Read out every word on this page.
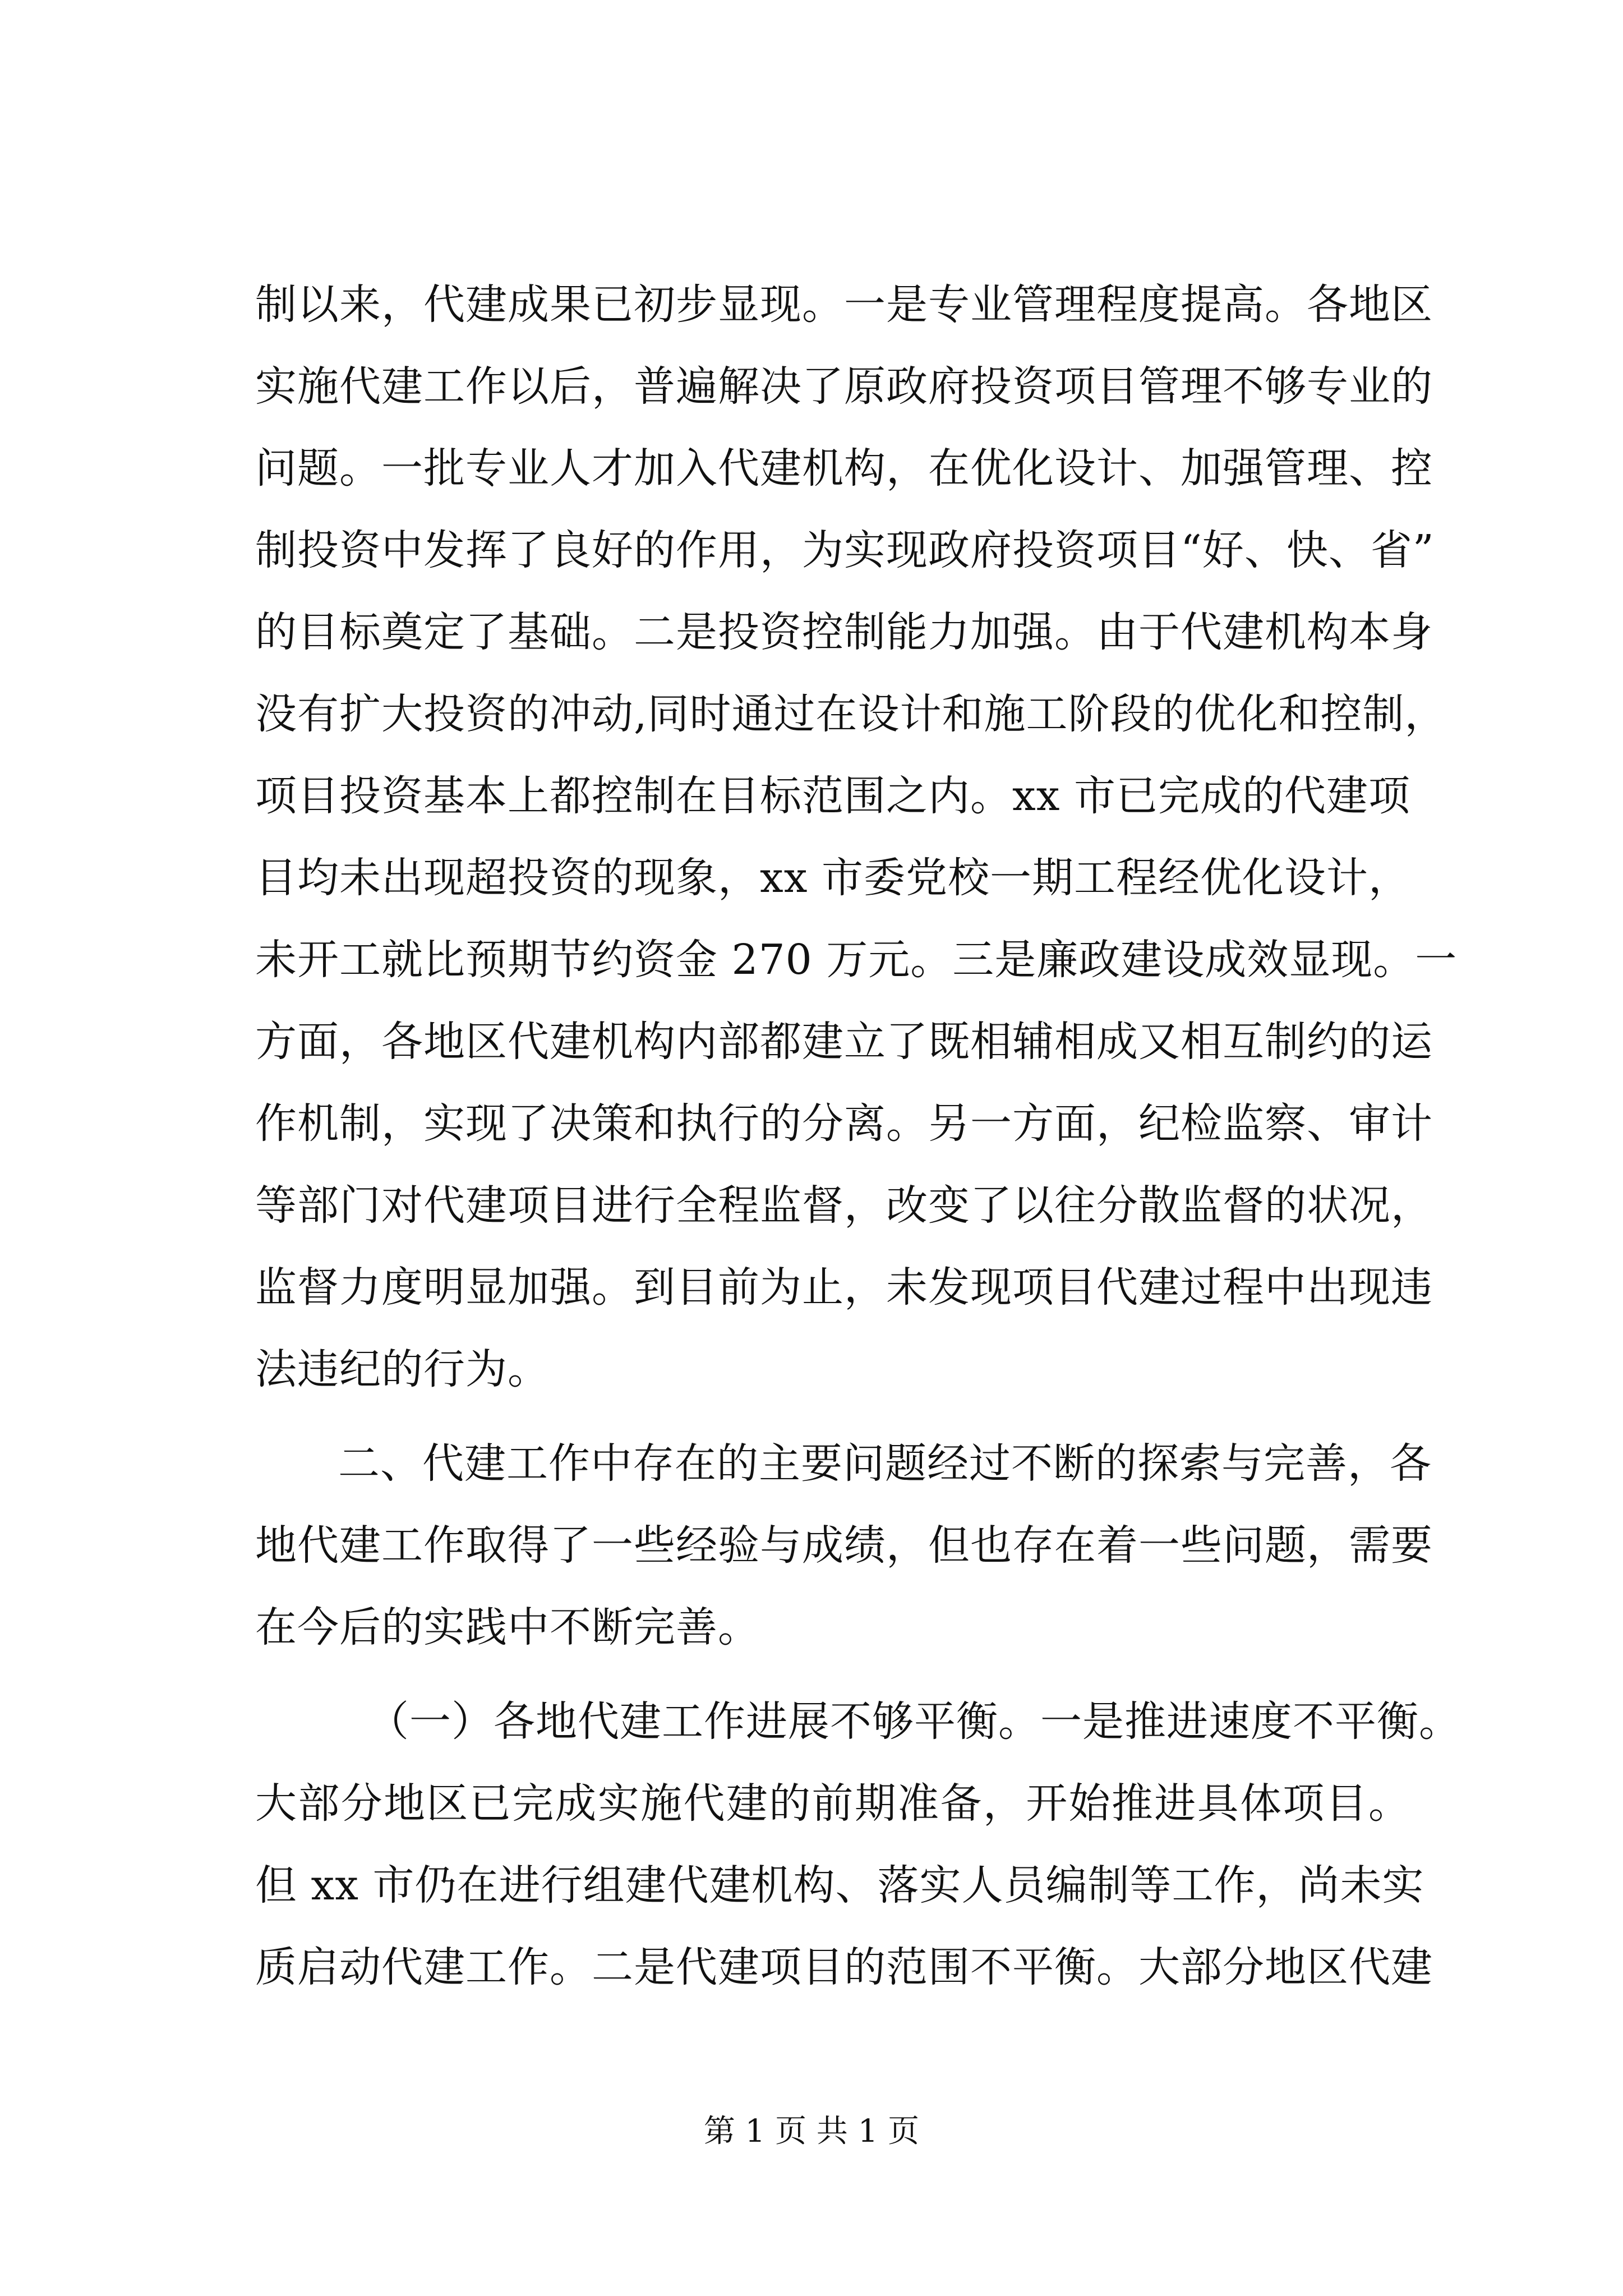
制以来，代建成果已初步显现。一是专业管理程度提高。各地区
实施代建工作以后，普遍解决了原政府投资项目管理不够专业的
问题。一批专业人才加入代建机构，在优化设计、加强管理、控
制投资中发挥了良好的作用，为实现政府投资项目“好、快、省”
的目标奠定了基础。二是投资控制能力加强。由于代建机构本身
没有扩大投资的冲动,同时通过在设计和施工阶段的优化和控制，
项目投资基本上都控制在目标范围之内。xx 市已完成的代建项
目均未出现超投资的现象，xx 市委党校一期工程经优化设计，
未开工就比预期节约资金 270 万元。三是廉政建设成效显现。一
方面，各地区代建机构内部都建立了既相辅相成又相互制约的运
作机制，实现了决策和执行的分离。另一方面，纪检监察、审计
等部门对代建项目进行全程监督，改变了以往分散监督的状况，
监督力度明显加强。到目前为止，未发现项目代建过程中出现违
法违纪的行为。
二、代建工作中存在的主要问题经过不断的探索与完善，各
地代建工作取得了一些经验与成绩，但也存在着一些问题，需要
在今后的实践中不断完善。
（一）各地代建工作进展不够平衡。一是推进速度不平衡。
大部分地区已完成实施代建的前期准备，开始推进具体项目。
但 xx 市仍在进行组建代建机构、落实人员编制等工作，尚未实
质启动代建工作。二是代建项目的范围不平衡。大部分地区代建
第 1 页 共 1 页
